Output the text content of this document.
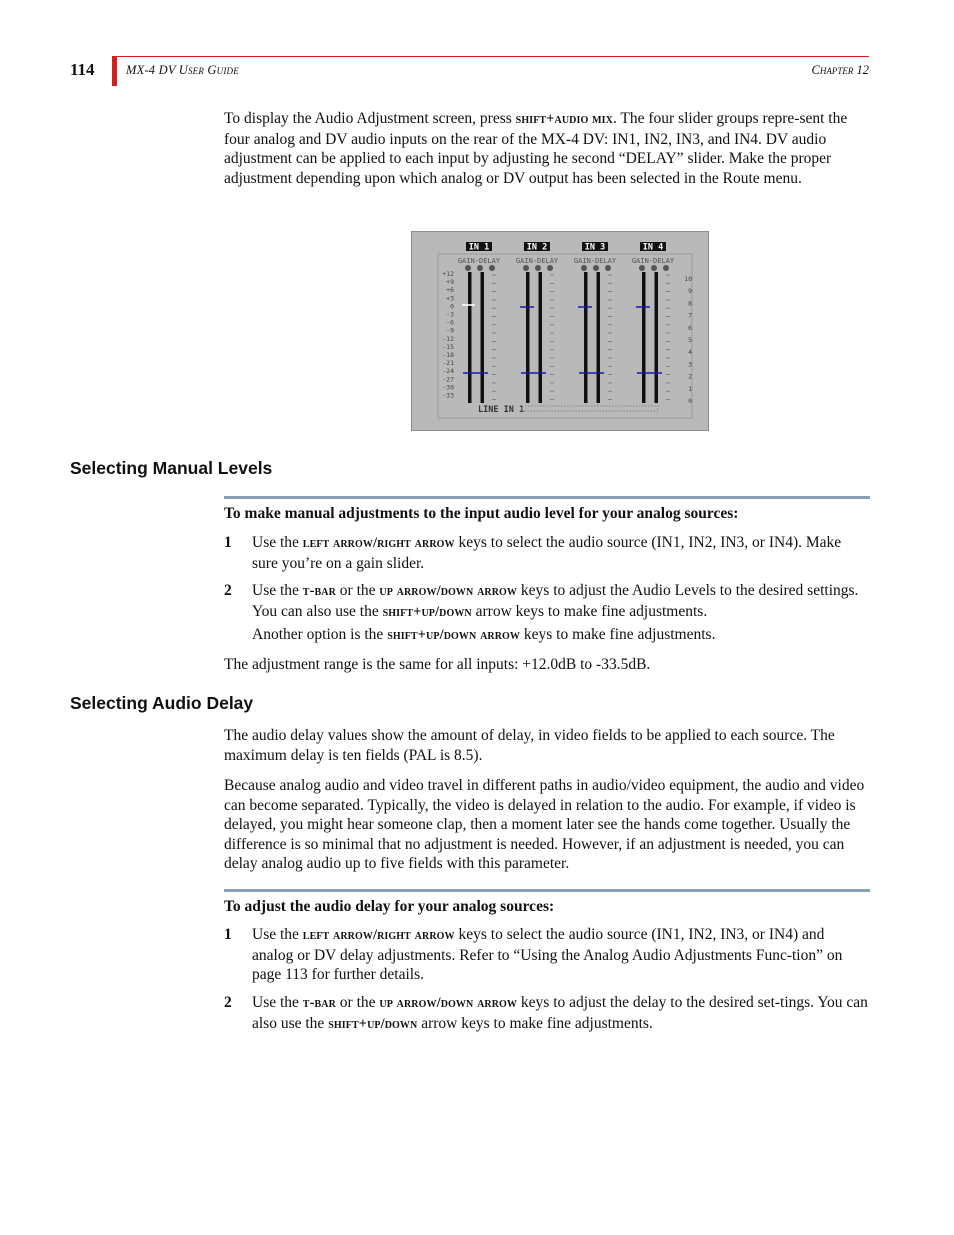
114	MX-4 DV User Guide	Chapter 12

To display the Audio Adjustment screen, press shift+audio mix. The four slider groups repre-sent the four analog and DV audio inputs on the rear of the MX-4 DV: IN1, IN2, IN3, and IN4. DV audio adjustment can be applied to each input by adjusting he second “DELAY” slider. Make the proper adjustment depending upon which analog or DV output has been selected in the Route menu.

IN 1
GAIN-DELAY
IN 2
GAIN-DELAY
IN 3
GAIN-DELAY
IN 4
GAIN-DELAY
+12
+9
+6
+3
0
-3
-6
-9
-12
-15
-18
-21
-24
-27
-30
-33
10
9
8
7
6
5
4
3
2
1
0
LINE IN 1
Selecting Manual Levels
To make manual adjustments to the input audio level for your analog sources:
1 Use the left arrow/right arrow keys to select the audio source (IN1, IN2, IN3, or IN4). Make sure you’re on a gain slider.
2 Use the t-bar or the up arrow/down arrow keys to adjust the Audio Levels to the desired settings. You can also use the shift+up/down arrow keys to make fine adjustments.
Another option is the shift+up/down arrow keys to make fine adjustments.
The adjustment range is the same for all inputs: +12.0dB to -33.5dB.
Selecting Audio Delay
The audio delay values show the amount of delay, in video fields to be applied to each source. The maximum delay is ten fields (PAL is 8.5).
Because analog audio and video travel in different paths in audio/video equipment, the audio and video can become separated. Typically, the video is delayed in relation to the audio. For example, if video is delayed, you might hear someone clap, then a moment later see the hands come together. Usually the difference is so minimal that no adjustment is needed. However, if an adjustment is needed, you can delay analog audio up to five fields with this parameter.
To adjust the audio delay for your analog sources:
1 Use the left arrow/right arrow keys to select the audio source (IN1, IN2, IN3, or IN4) and analog or DV delay adjustments. Refer to “Using the Analog Audio Adjustments Func-tion” on page 113 for further details.
2 Use the t-bar or the up arrow/down arrow keys to adjust the delay to the desired set-tings. You can also use the shift+up/down arrow keys to make fine adjustments.
